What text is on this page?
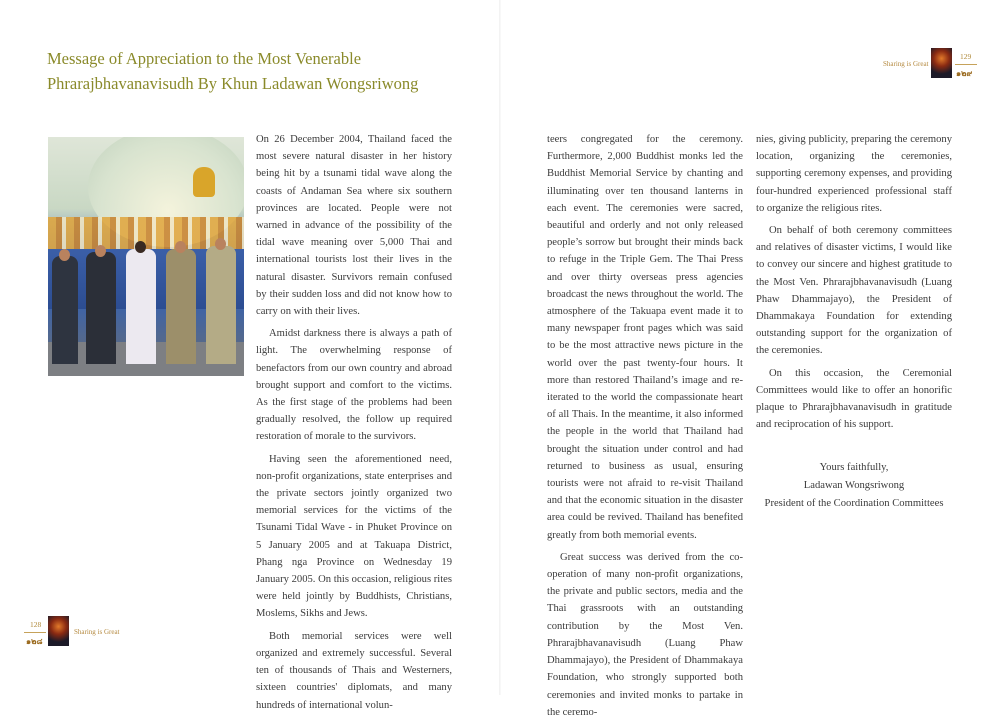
Message of Appreciation to the Most Venerable
Phrarajbhavanavisudh By Khun Ladawan Wongsriwong

On 26 December 2004, Thailand faced the most severe natural disaster in her history being hit by a tsunami tidal wave along the coasts of Andaman Sea where six southern provinces are located. People were not warned in advance of the possibility of the tidal wave meaning over 5,000 Thai and international tourists lost their lives in the natural disaster. Survivors remain confused by their sudden loss and did not know how to carry on with their lives.

Amidst darkness there is always a path of light. The overwhelming response of benefactors from our own country and abroad brought support and comfort to the victims. As the first stage of the problems had been gradually resolved, the follow up required restoration of morale to the survivors.

Having seen the aforementioned need, non-profit organizations, state enterprises and the private sectors jointly organized two memorial services for the victims of the Tsunami Tidal Wave - in Phuket Province on 5 January 2005 and at Takuapa District, Phang nga Province on Wednesday 19 January 2005. On this occasion, religious rites were held jointly by Buddhists, Christians, Moslems, Sikhs and Jews.

Both memorial services were well organized and extremely successful. Several ten of thousands of Thais and Westerners, sixteen countries' diplomats, and many hundreds of international volun-

teers congregated for the ceremony. Furthermore, 2,000 Buddhist monks led the Buddhist Memorial Service by chanting and illuminating over ten thousand lanterns in each event. The ceremonies were sacred, beautiful and orderly and not only released people’s sorrow but brought their minds back to refuge in the Triple Gem. The Thai Press and over thirty overseas press agencies broadcast the news throughout the world. The atmosphere of the Takuapa event made it to many newspaper front pages which was said to be the most attractive news picture in the world over the past twenty-four hours. It more than restored Thailand’s image and re-iterated to the world the compassionate heart of all Thais. In the meantime, it also informed the people in the world that Thailand had brought the situation under control and had returned to business as usual, ensuring tourists were not afraid to re-visit Thailand and that the economic situation in the disaster area could be revived. Thailand has benefited greatly from both memorial events.

Great success was derived from the co-operation of many non-profit organizations, the private and public sectors, media and the Thai grassroots with an outstanding contribution by the Most Ven. Phrarajbhavanavisudh (Luang Phaw Dhammajayo), the President of Dhammakaya Foundation, who strongly supported both ceremonies and invited monks to partake in the ceremo-

nies, giving publicity, preparing the ceremony location, organizing the ceremonies, supporting ceremony expenses, and providing four-hundred experienced professional staff to organize the religious rites.

On behalf of both ceremony committees and relatives of disaster victims, I would like to convey our sincere and highest gratitude to the Most Ven. Phrarajbhavanavisudh (Luang Phaw Dhammajayo), the President of Dhammakaya Foundation for extending outstanding support for the organization of the ceremonies.

On this occasion, the Ceremonial Committees would like to offer an honorific plaque to Phrarajbhavanavisudh in gratitude and reciprocation of his support.

Yours faithfully,
Ladawan Wongsriwong
President of the Coordination Committees
128
๑๒๘
Sharing is Great
Sharing is Great
129
๑๒๙
